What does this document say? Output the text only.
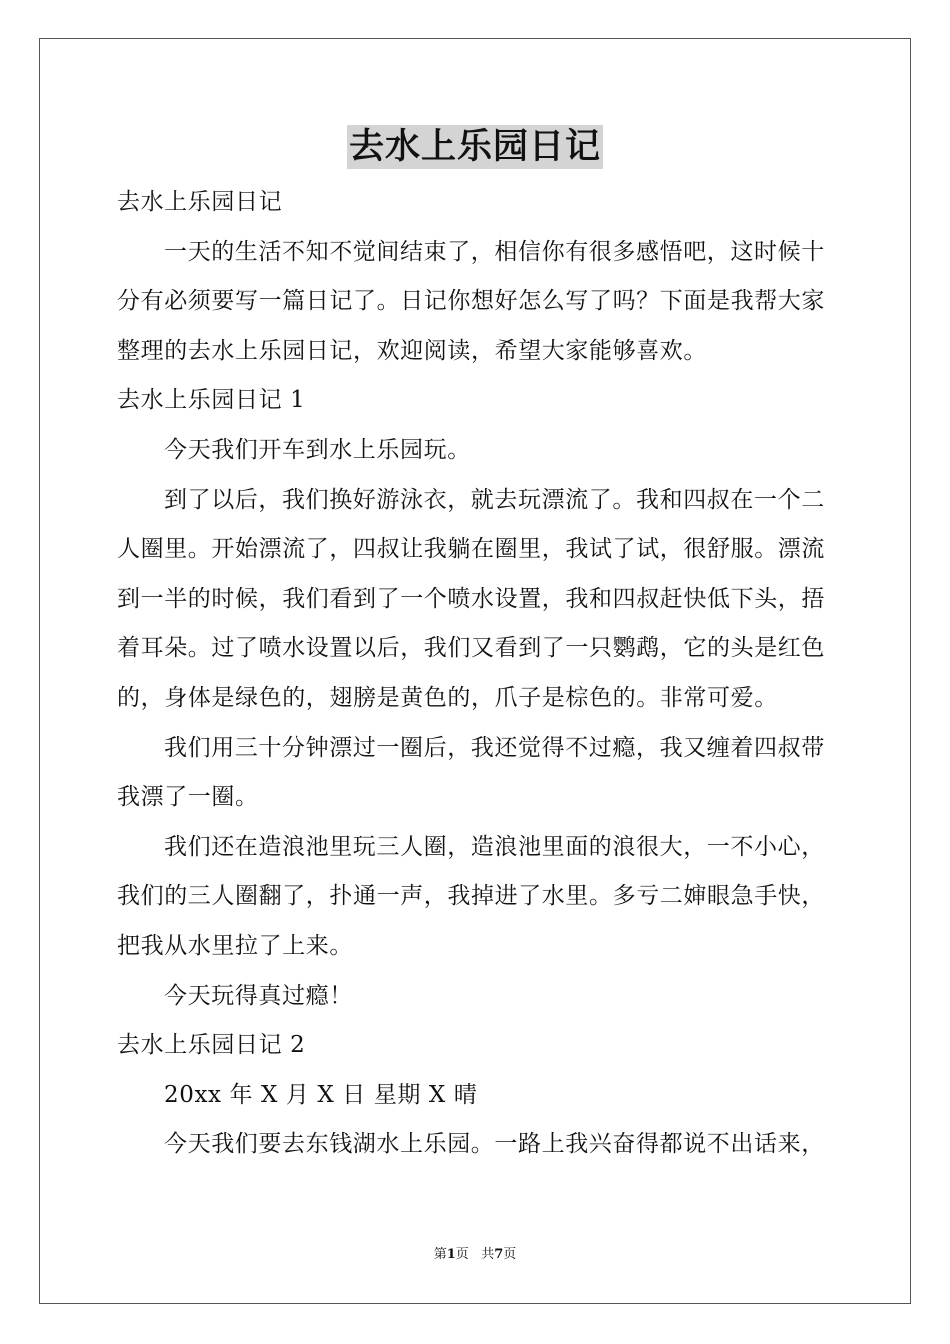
去水上乐园日记
去水上乐园日记
一天的生活不知不觉间结束了，相信你有很多感悟吧，这时候十
分有必须要写一篇日记了。日记你想好怎么写了吗？下面是我帮大家
整理的去水上乐园日记，欢迎阅读，希望大家能够喜欢。
去水上乐园日记 1
今天我们开车到水上乐园玩。
到了以后，我们换好游泳衣，就去玩漂流了。我和四叔在一个二
人圈里。开始漂流了，四叔让我躺在圈里，我试了试，很舒服。漂流
到一半的时候，我们看到了一个喷水设置，我和四叔赶快低下头，捂
着耳朵。过了喷水设置以后，我们又看到了一只鹦鹉，它的头是红色
的，身体是绿色的，翅膀是黄色的，爪子是棕色的。非常可爱。
我们用三十分钟漂过一圈后，我还觉得不过瘾，我又缠着四叔带
我漂了一圈。
我们还在造浪池里玩三人圈，造浪池里面的浪很大，一不小心，
我们的三人圈翻了，扑通一声，我掉进了水里。多亏二婶眼急手快，
把我从水里拉了上来。
今天玩得真过瘾！
去水上乐园日记 2
20xx 年 X 月 X 日 星期 X 晴
今天我们要去东钱湖水上乐园。一路上我兴奋得都说不出话来，
第1页 共7页
